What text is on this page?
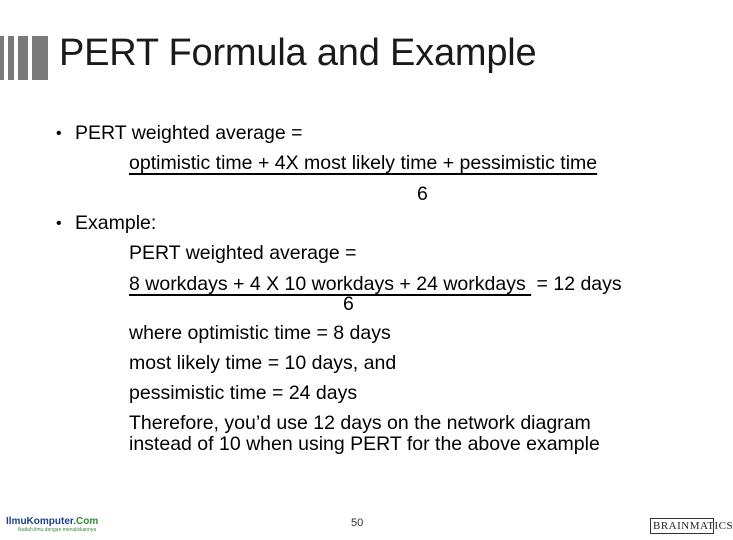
PERT Formula and Example
• PERT weighted average =
optimistic time + 4X most likely time + pessimistic time
6
• Example:
PERT weighted average =
8 workdays + 4 X 10 workdays + 24 workdays  = 12 days
6
where optimistic time = 8 days
most likely time = 10 days, and
pessimistic time = 24 days
Therefore, you’d use 12 days on the network diagram
instead of 10 when using PERT for the above example
IlmuKomputer.Com
Ikatlah ilmu dengan menuliskannya
50	BRAINMATICS
